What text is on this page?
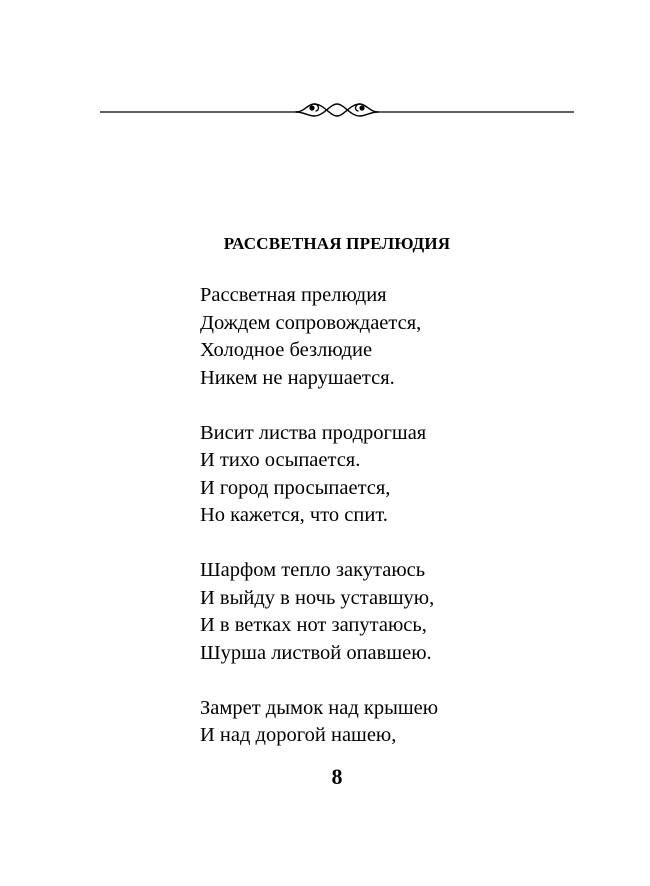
РАССВЕТНАЯ ПРЕЛЮДИЯ
Рассветная прелюдия
Дождем сопровождается,
Холодное безлюдие
Никем не нарушается.
Висит листва продрогшая
И тихо осыпается.
И город просыпается,
Но кажется, что спит.
Шарфом тепло закутаюсь
И выйду в ночь уставшую,
И в ветках нот запутаюсь,
Шурша листвой опавшею.
Замрет дымок над крышею
И над дорогой нашею,
8
